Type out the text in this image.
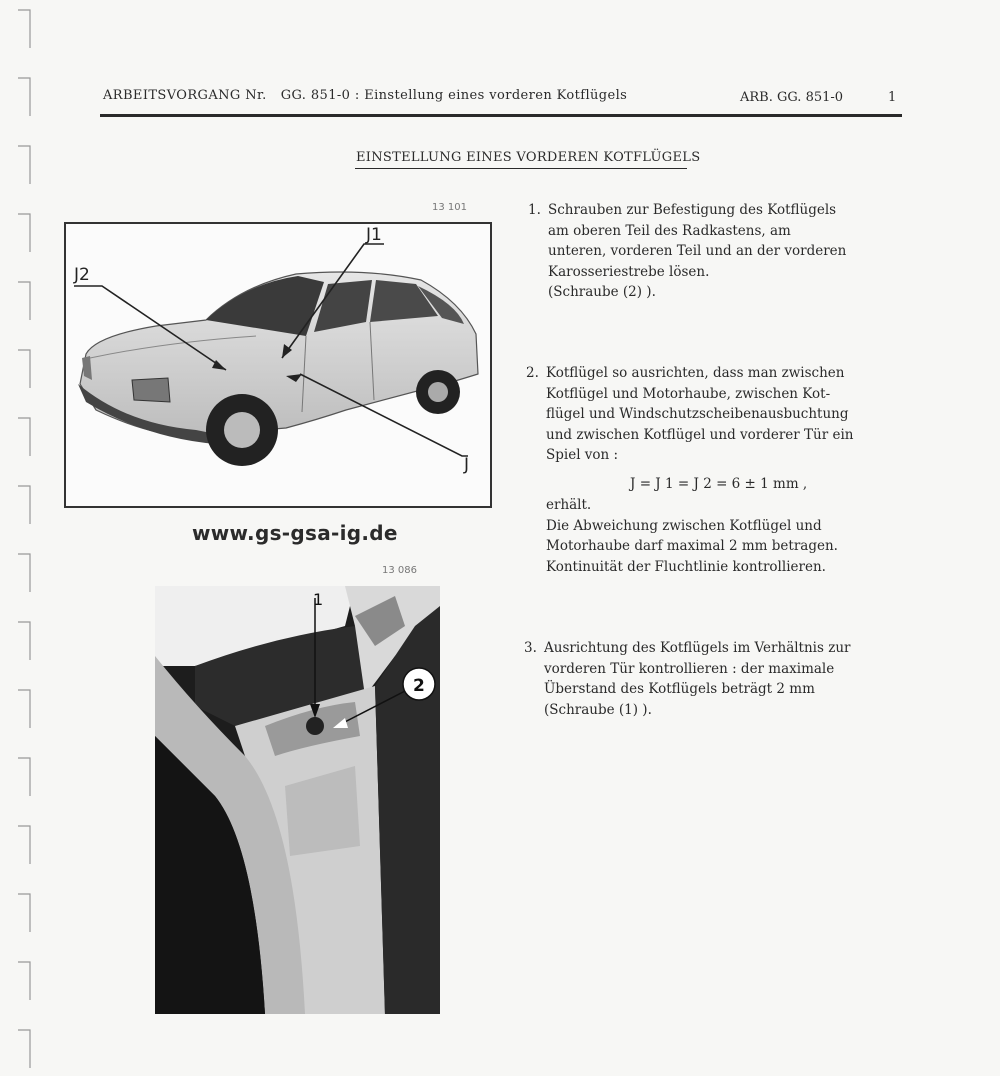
ARBEITSVORGANG Nr. GG. 851-0 : Einstellung eines vorderen Kotflügels	ARB. GG. 851-0	1
EINSTELLUNG EINES VORDEREN KOTFLÜGELS
13 101
J2
J1
J
www.gs-gsa-ig.de
13 086
1
2
1. Schrauben zur Befestigung des Kotflügels

am oberen Teil des Radkastens, am

unteren, vorderen Teil und an der vorderen

Karosseriestrebe lösen.

(Schraube (2) ).

2. Kotflügel so ausrichten, dass man zwischen

Kotflügel und Motorhaube, zwischen Kot-

flügel und Windschutzscheibenausbuchtung

und zwischen Kotflügel und vorderer Tür ein

Spiel von :

J = J 1 = J 2 = 6 ± 1 mm ,

erhält.

Die Abweichung zwischen Kotflügel und

Motorhaube darf maximal 2 mm betragen.

Kontinuität der Fluchtlinie kontrollieren.

3. Ausrichtung des Kotflügels im Verhältnis zur

vorderen Tür kontrollieren : der maximale

Überstand des Kotflügels beträgt 2 mm

(Schraube (1) ).
